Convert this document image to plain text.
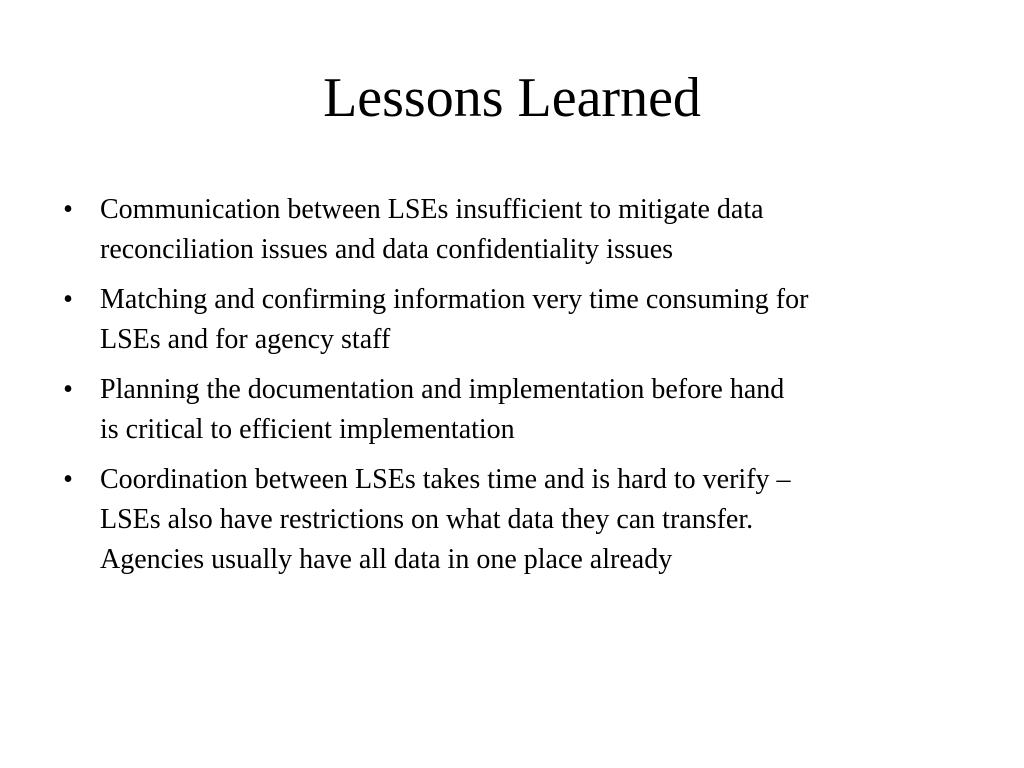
Lessons Learned
• Communication between LSEs insufficient to mitigate data
reconciliation issues and data confidentiality issues
• Matching and confirming information very time consuming for
LSEs and for agency staff
• Planning the documentation and implementation before hand
is critical to efficient implementation
• Coordination between LSEs takes time and is hard to verify –
LSEs also have restrictions on what data they can transfer.
Agencies usually have all data in one place already
